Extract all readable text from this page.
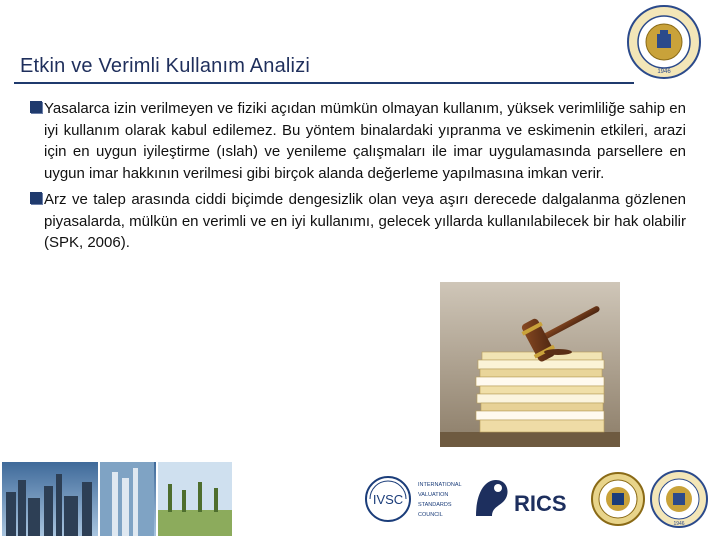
Etkin ve Verimli Kullanım Analizi	1946
Yasalarca izin verilmeyen ve fiziki açıdan mümkün olmayan kullanım, yüksek verimliliğe sahip en iyi kullanım olarak kabul edilemez. Bu yöntem binalardaki yıpranma ve eskimenin etkileri, arazi için en uygun iyileştirme (ıslah) ve yenileme çalışmaları ile imar uygulamasında parsellere en uygun imar hakkının verilmesi gibi birçok alanda değerleme yapılmasına imkan verir.
Arz ve talep arasında ciddi biçimde dengesizlik olan veya aşırı derecede dalgalanma gözlenen piyasalarda, mülkün en verimli ve en iyi kullanımı, gelecek yıllarda kullanılabilecek bir hak olabilir (SPK, 2006).
IVSC
INTERNATIONAL
VALUATION
STANDARDS
COUNCIL	RICS
1946
